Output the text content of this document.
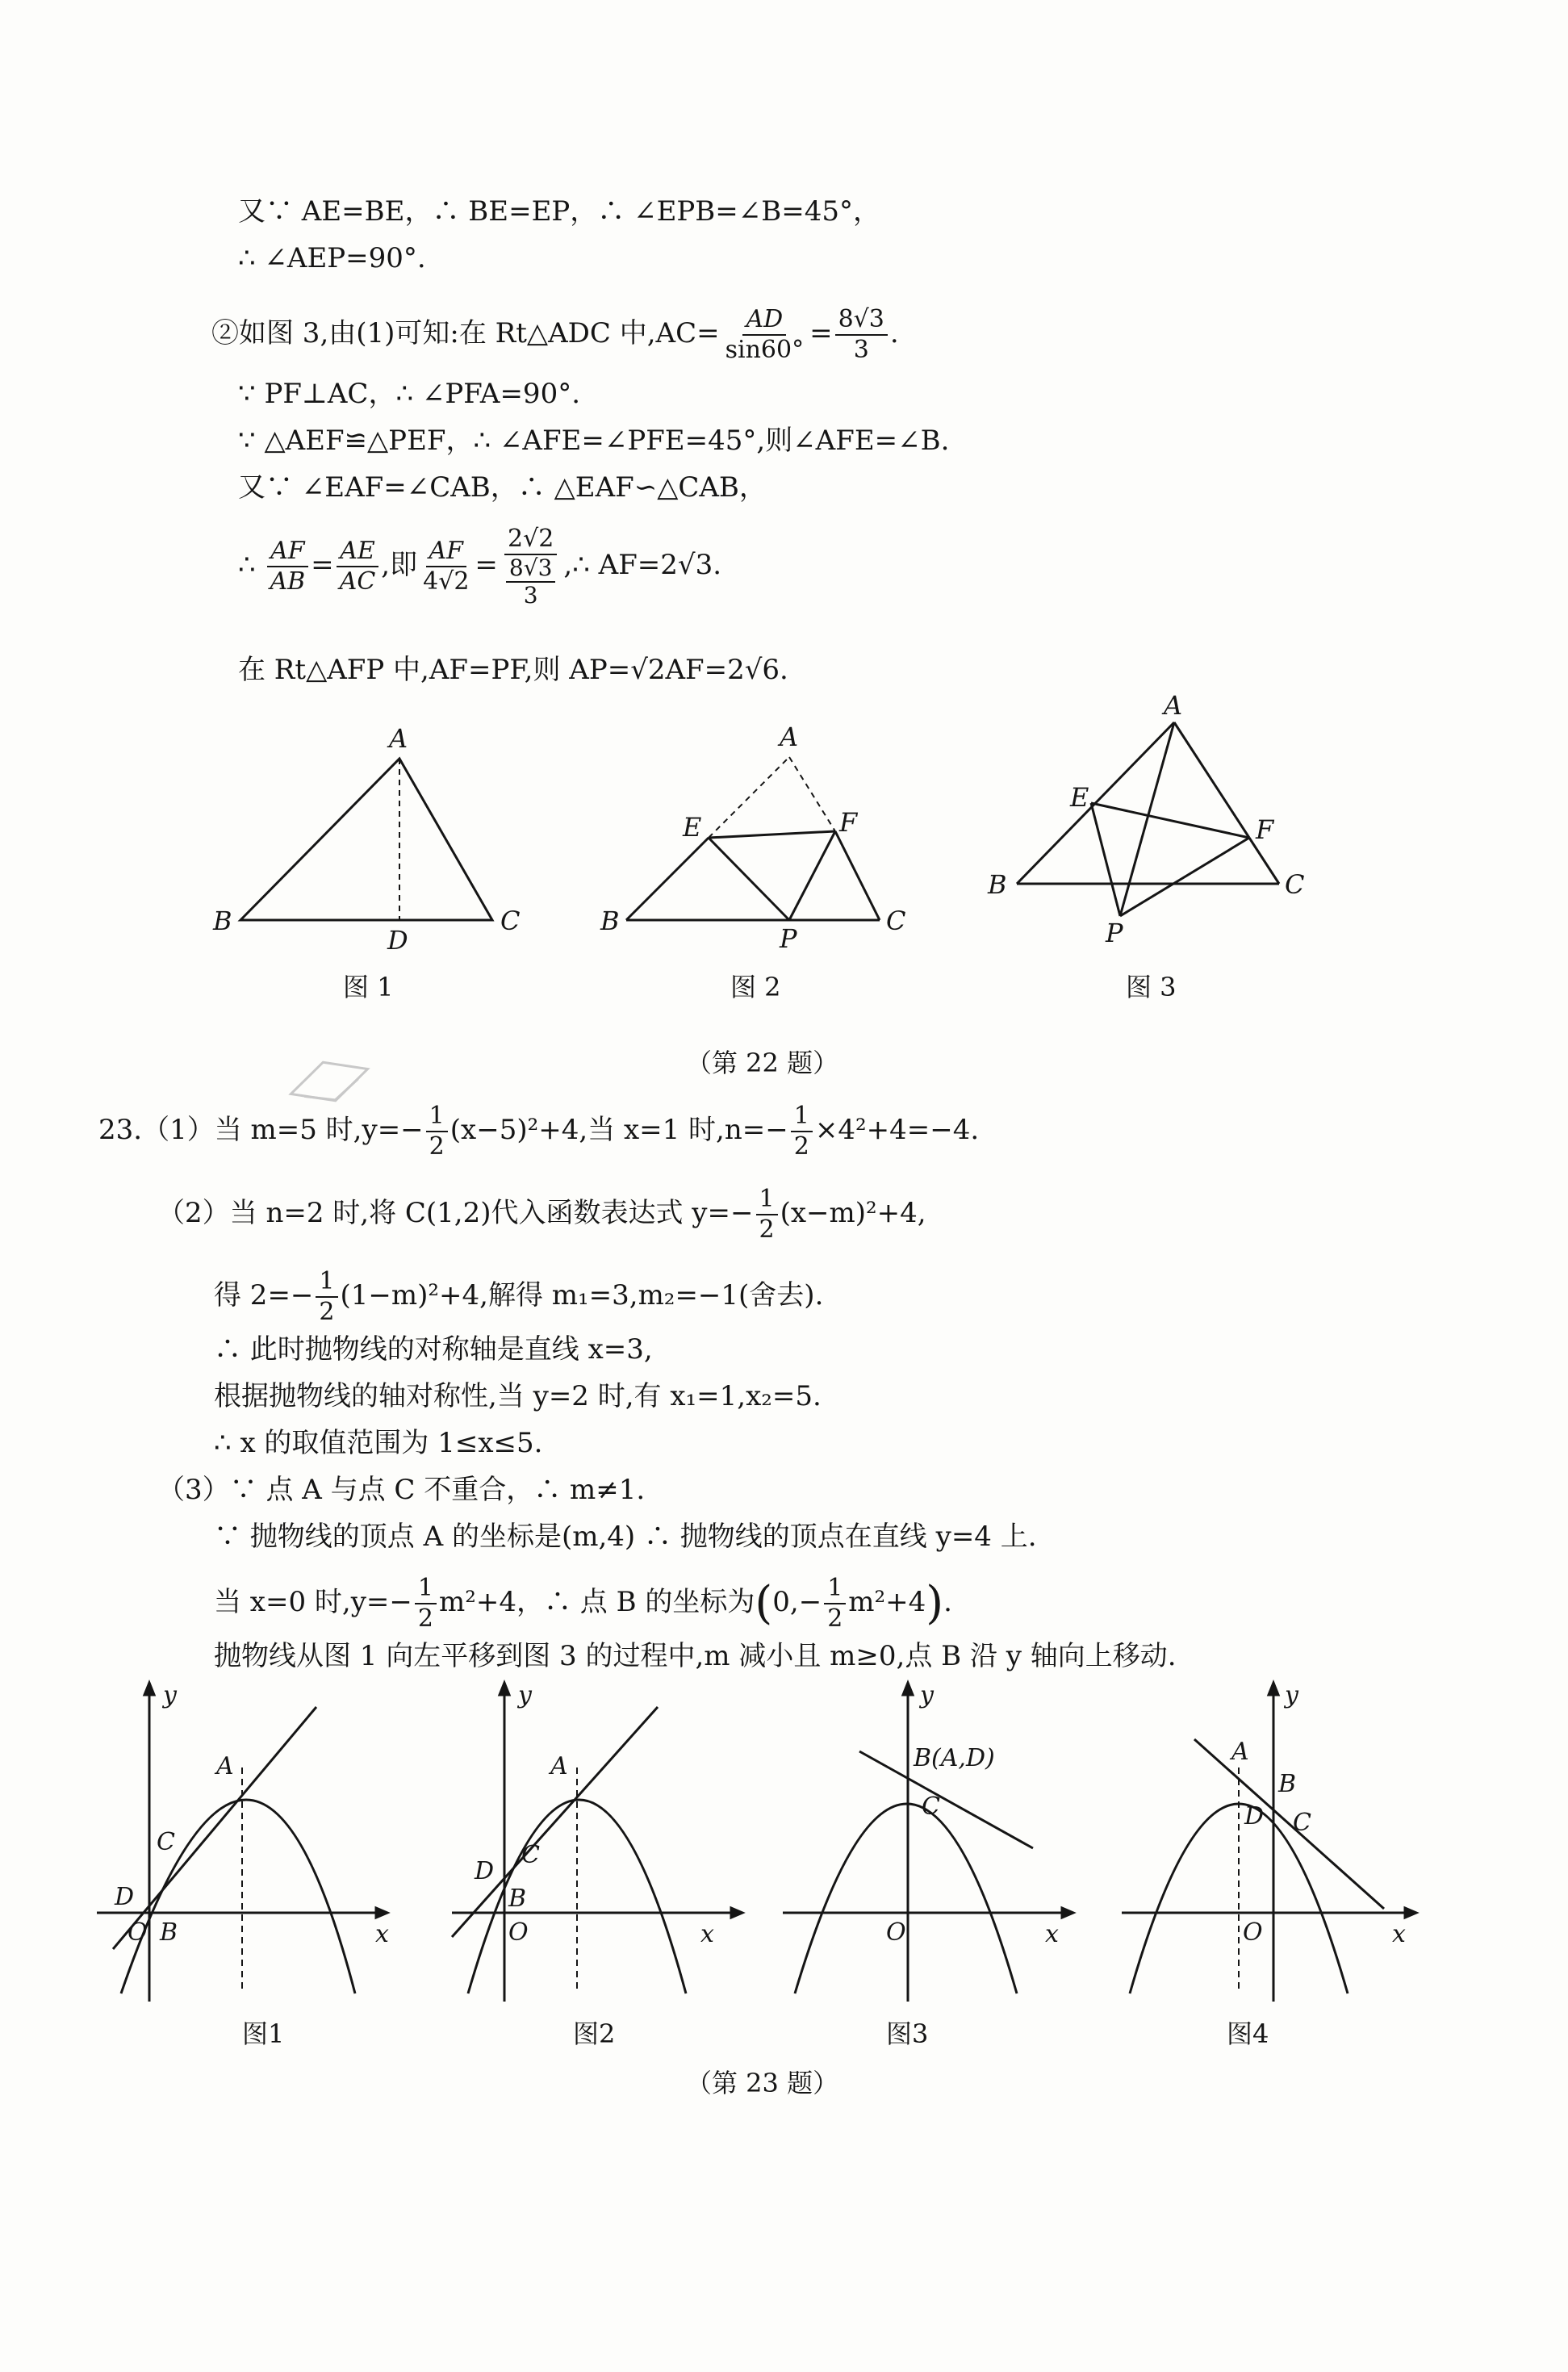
又∵ AE=BE，∴ BE=EP，∴ ∠EPB=∠B=45°，
∴ ∠AEP=90°.
②如图 3,由(1)可知:在 Rt△ADC 中$,AC= \frac{AD}{\sin 60^\circ} = \frac{8√3}{3}$ .
∵ PF⊥AC，∴ ∠PFA=90°.
∵ △AEF≌△PEF，∴ ∠AFE=∠PFE=45°,则∠AFE=∠B.
又∵ ∠EAF=∠CAB，∴ △EAF∽△CAB，
∴ $\frac{AF}{AB} = \frac{AE}{AC}$ ,即 $\frac{AF}{4√2} = \frac{2√2}{\frac{8√3}{3}}$ ,∴ AF=2√3.
在 Rt△AFP 中,AF=PF,则 AP=√2AF=2√6.
A
B	C
D
A
E	F
B
P
C
A
E
F
B	C
P
图 1	图 2	图 3
（第 22 题）
23.（1）当 m=5 时$,y=- \frac{1}{2} (x-5)^2+4$,当 x=1 时$,n=- \frac{1}{2} \times 4^2+4=-4$.
（2）当 n=2 时,将 C(1,2)代入函数表达式 $y=- \frac{1}{2} (x-m)^2+4$,
得 $2=- \frac{1}{2} (1-m)^2+4$,解得 m₁=3,m₂=−1(舍去).
∴ 此时抛物线的对称轴是直线 x=3,
根据抛物线的轴对称性,当 y=2 时,有 x₁=1,x₂=5.
∴ x 的取值范围为 1≤x≤5.
（3）∵ 点 A 与点 C 不重合，∴ m≠1.
∵ 抛物线的顶点 A 的坐标是(m,4) ∴ 抛物线的顶点在直线 y=4 上.
当 x=0 时$,y=- \frac{1}{2} m^2+4$，∴ 点 B 的坐标为$(0,- \frac{1}{2} m^2+4)$.
抛物线从图 1 向左平移到图 3 的过程中,m 减小且 m≥0,点 B 沿 y 轴向上移动.
y
x
O
A
C
D
B
y
x
O
A
C
D
B
y
x
O
B(A,D)
C
y
x
O
A
B
D C
图1	图2	图3	图4
（第 23 题）
